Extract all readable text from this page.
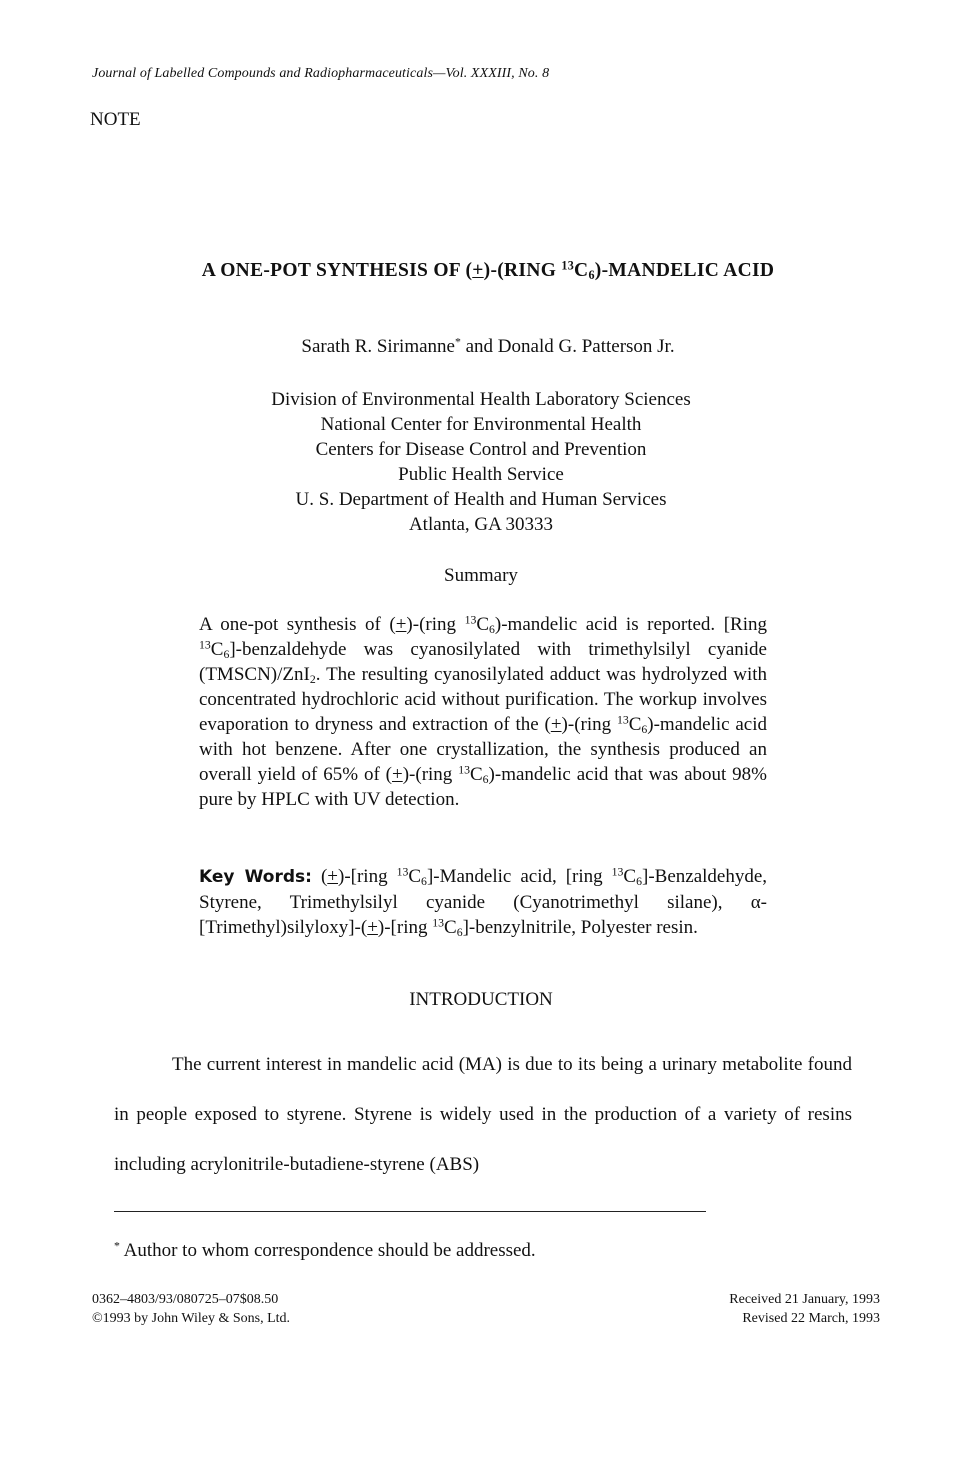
Journal of Labelled Compounds and Radiopharmaceuticals—Vol. XXXIII, No. 8
NOTE
A ONE-POT SYNTHESIS OF (+)-(RING $^{13}C_6$)-MANDELIC ACID
Sarath R. Sirimanne* and Donald G. Patterson Jr.
Division of Environmental Health Laboratory Sciences
National Center for Environmental Health
Centers for Disease Control and Prevention
Public Health Service
U. S. Department of Health and Human Services
Atlanta, GA 30333
Summary
A one-pot synthesis of (+)-(ring $^{13}C_6$)-mandelic acid is reported. [Ring $^{13}C_6$]-benzaldehyde was cyanosilylated with trimethylsilyl cyanide (TMSCN)/ZnI$_2$. The resulting cyanosilylated adduct was hydrolyzed with concentrated hydrochloric acid without purification. The workup involves evaporation to dryness and extraction of the (+)-(ring $^{13}C_6$)-mandelic acid with hot benzene. After one crystallization, the synthesis produced an overall yield of 65% of (+)-(ring $^{13}C_6$)-mandelic acid that was about 98% pure by HPLC with UV detection.
Key Words: (+)-[ring $^{13}C_6$]-Mandelic acid, [ring $^{13}C_6$]-Benzaldehyde, Styrene, Trimethylsilyl cyanide (Cyanotrimethyl silane), α-[Trimethyl)silyloxy]-(+)-[ring $^{13}C_6$]-benzylnitrile, Polyester resin.
INTRODUCTION

The current interest in mandelic acid (MA) is due to its being a urinary metabolite found in people exposed to styrene. Styrene is widely used in the production of a variety of resins including acrylonitrile-butadiene-styrene (ABS)

* Author to whom correspondence should be addressed.
0362–4803/93/080725–07$08.50
©1993 by John Wiley & Sons, Ltd.
Received 21 January, 1993
Revised 22 March, 1993
